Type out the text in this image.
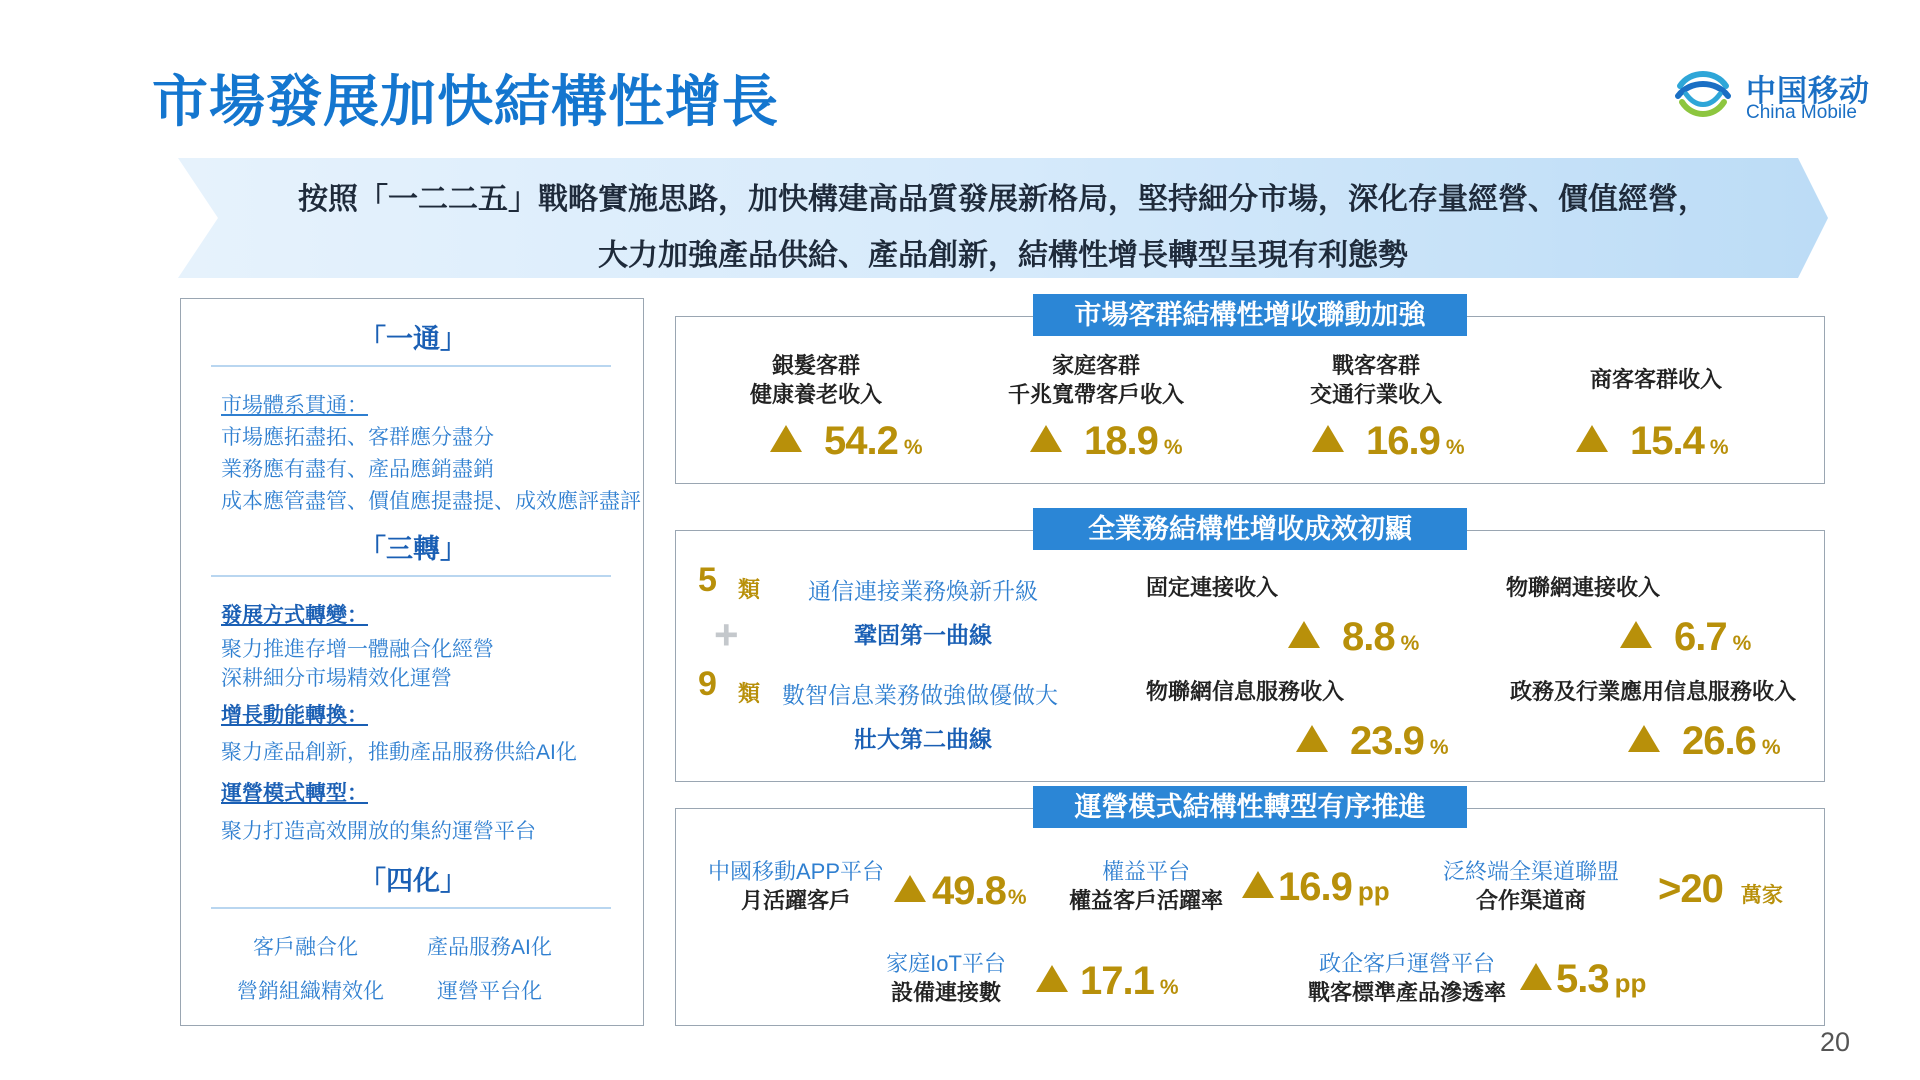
市場發展加快結構性增長	中国移动
China Mobile
按照「一二二五」戰略實施思路，加快構建高品質發展新格局，堅持細分市場，深化存量經營、價值經營，
大力加強產品供給、產品創新，結構性增長轉型呈現有利態勢
「一通」
市場體系貫通：
市場應拓盡拓、客群應分盡分
業務應有盡有、產品應銷盡銷
成本應管盡管、價值應提盡提、成效應評盡評
「三轉」
發展方式轉變：
聚力推進存增一體融合化經營
深耕細分市場精效化運營
增長動能轉換：
聚力產品創新，推動產品服務供給AI化
運營模式轉型：
聚力打造高效開放的集約運營平台
「四化」
客戶融合化	產品服務AI化
營銷組織精效化	運營平台化
銀髮客群
健康養老收入
54.2 %
家庭客群
千兆寬帶客戶收入
18.9 %
戰客客群
交通行業收入
16.9 %
商客客群收入
15.4 %
市場客群結構性增收聯動加強
5 類 通信連接業務煥新升級
+	鞏固第一曲線
9 類 數智信息業務做強做優做大
壯大第二曲線
固定連接收入
8.8 %
物聯網連接收入
6.7 %
物聯網信息服務收入
23.9 %
政務及行業應用信息服務收入
26.6 %
全業務結構性增收成效初顯
中國移動APP平台
月活躍客戶	49.8%
權益平台
權益客戶活躍率	16.9 pp
泛終端全渠道聯盟
合作渠道商	>20 萬家
家庭IoT平台
設備連接數	17.1 %
政企客戶運營平台
戰客標準產品滲透率	5.3 pp
運營模式結構性轉型有序推進
20
